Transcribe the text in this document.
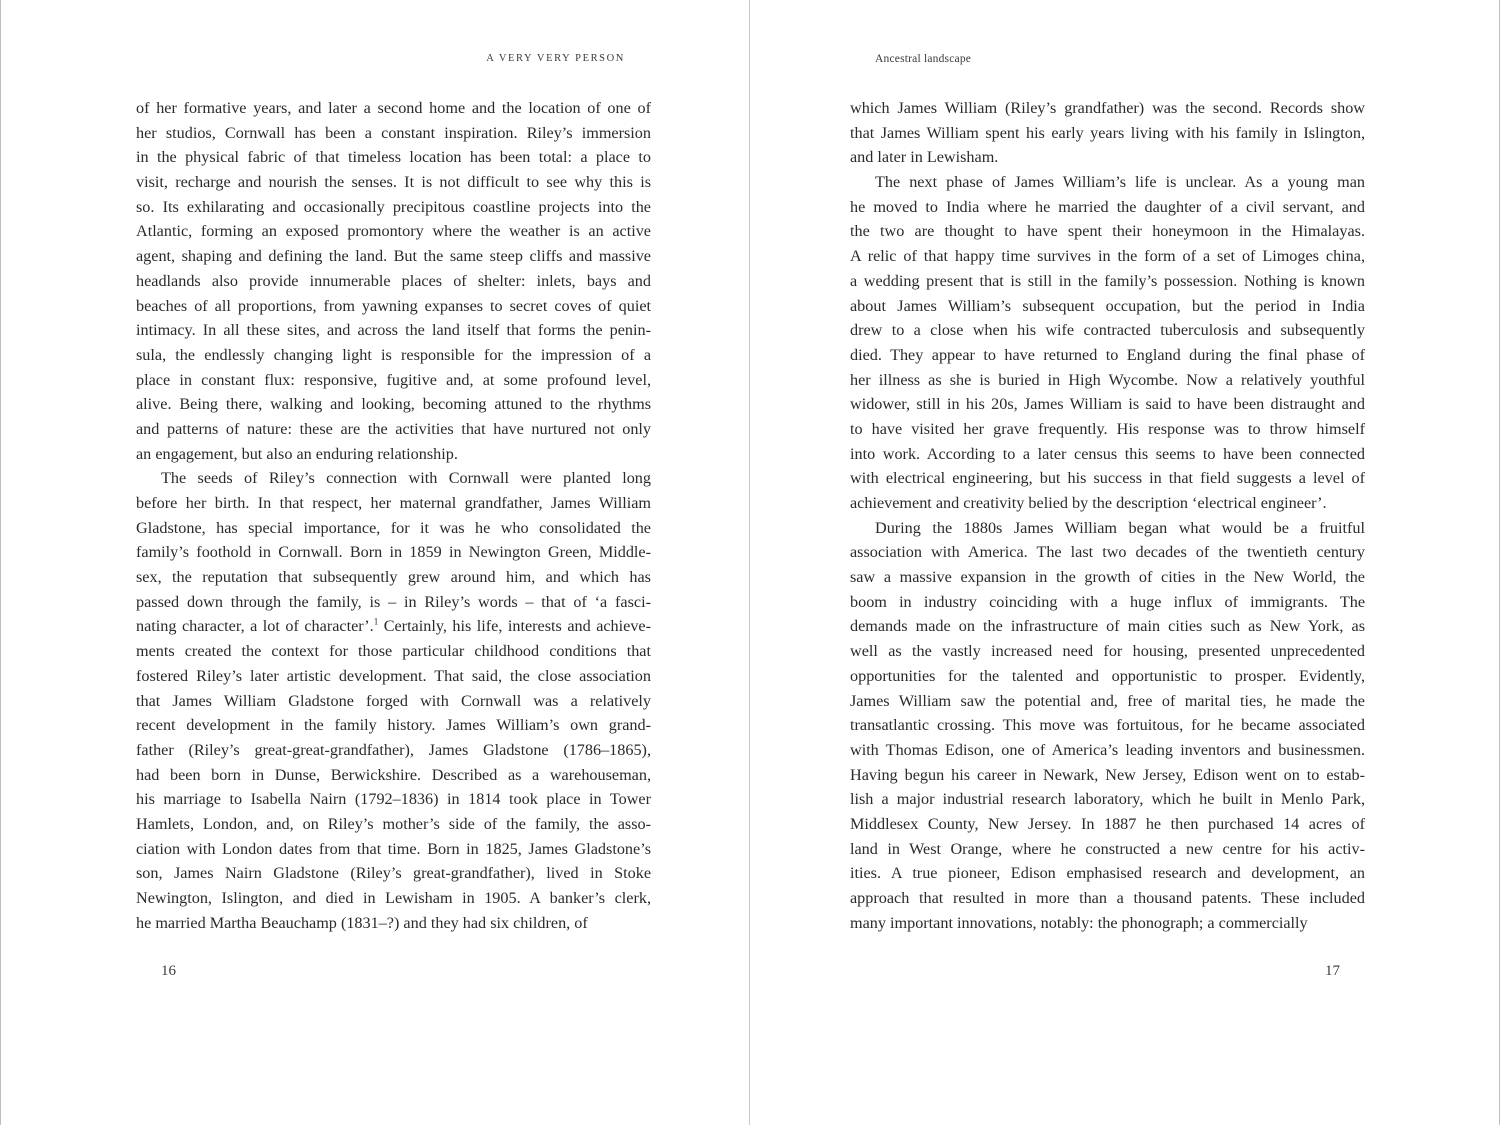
A VERY VERY PERSON
of her formative years, and later a second home and the location of one of
her studios, Cornwall has been a constant inspiration. Riley’s immersion
in the physical fabric of that timeless location has been total: a place to
visit, recharge and nourish the senses. It is not difficult to see why this is
so. Its exhilarating and occasionally precipitous coastline projects into the
Atlantic, forming an exposed promontory where the weather is an active
agent, shaping and defining the land. But the same steep cliffs and massive
headlands also provide innumerable places of shelter: inlets, bays and
beaches of all proportions, from yawning expanses to secret coves of quiet
intimacy. In all these sites, and across the land itself that forms the penin-
sula, the endlessly changing light is responsible for the impression of a
place in constant flux: responsive, fugitive and, at some profound level,
alive. Being there, walking and looking, becoming attuned to the rhythms
and patterns of nature: these are the activities that have nurtured not only
an engagement, but also an enduring relationship.
The seeds of Riley’s connection with Cornwall were planted long
before her birth. In that respect, her maternal grandfather, James William
Gladstone, has special importance, for it was he who consolidated the
family’s foothold in Cornwall. Born in 1859 in Newington Green, Middle-
sex, the reputation that subsequently grew around him, and which has
passed down through the family, is – in Riley’s words – that of ‘a fasci-
nating character, a lot of character’.$^1$ Certainly, his life, interests and achieve-
ments created the context for those particular childhood conditions that
fostered Riley’s later artistic development. That said, the close association
that James William Gladstone forged with Cornwall was a relatively
recent development in the family history. James William’s own grand-
father (Riley’s great-great-grandfather), James Gladstone (1786–1865),
had been born in Dunse, Berwickshire. Described as a warehouseman,
his marriage to Isabella Nairn (1792–1836) in 1814 took place in Tower
Hamlets, London, and, on Riley’s mother’s side of the family, the asso-
ciation with London dates from that time. Born in 1825, James Gladstone’s
son, James Nairn Gladstone (Riley’s great-grandfather), lived in Stoke
Newington, Islington, and died in Lewisham in 1905. A banker’s clerk,
he married Martha Beauchamp (1831–?) and they had six children, of
16
Ancestral landscape
which James William (Riley’s grandfather) was the second. Records show
that James William spent his early years living with his family in Islington,
and later in Lewisham.
The next phase of James William’s life is unclear. As a young man
he moved to India where he married the daughter of a civil servant, and
the two are thought to have spent their honeymoon in the Himalayas.
A relic of that happy time survives in the form of a set of Limoges china,
a wedding present that is still in the family’s possession. Nothing is known
about James William’s subsequent occupation, but the period in India
drew to a close when his wife contracted tuberculosis and subsequently
died. They appear to have returned to England during the final phase of
her illness as she is buried in High Wycombe. Now a relatively youthful
widower, still in his 20s, James William is said to have been distraught and
to have visited her grave frequently. His response was to throw himself
into work. According to a later census this seems to have been connected
with electrical engineering, but his success in that field suggests a level of
achievement and creativity belied by the description ‘electrical engineer’.
During the 1880s James William began what would be a fruitful
association with America. The last two decades of the twentieth century
saw a massive expansion in the growth of cities in the New World, the
boom in industry coinciding with a huge influx of immigrants. The
demands made on the infrastructure of main cities such as New York, as
well as the vastly increased need for housing, presented unprecedented
opportunities for the talented and opportunistic to prosper. Evidently,
James William saw the potential and, free of marital ties, he made the
transatlantic crossing. This move was fortuitous, for he became associated
with Thomas Edison, one of America’s leading inventors and businessmen.
Having begun his career in Newark, New Jersey, Edison went on to estab-
lish a major industrial research laboratory, which he built in Menlo Park,
Middlesex County, New Jersey. In 1887 he then purchased 14 acres of
land in West Orange, where he constructed a new centre for his activ-
ities. A true pioneer, Edison emphasised research and development, an
approach that resulted in more than a thousand patents. These included
many important innovations, notably: the phonograph; a commercially
17
